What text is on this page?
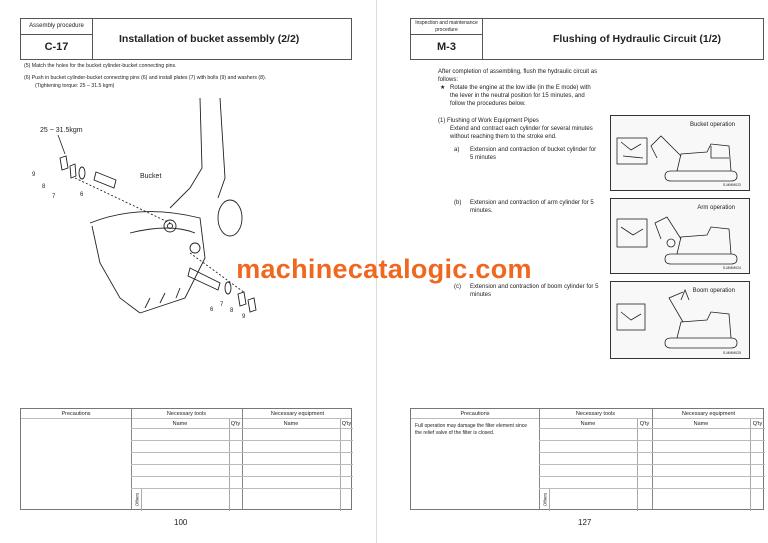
Assembly procedure
C-17
Installation of bucket assembly (2/2)
(5) Match the holes for the bucket cylinder-bucket connecting pins.
(6) Push in bucket cylinder-bucket connecting pins (6) and install plates (7) with bolts (9) and washers (8).
(Tightening torque: 25 – 31.5 kgm)
25 ~ 31.5kgm
Bucket
9
8
7	6
6
7
8
9
Precautions	Necessary tools	Necessary equipment
Name	Q'ty	Name	Q'ty
Others
100
Inspection and maintenance procedure
M-3
Flushing of Hydraulic Circuit (1/2)
After completion of assembling, flush the hydraulic circuit as follows:
★ Rotate the engine at the low idle (in the E mode) with the lever in the neutral position for 15 minutes, and follow the procedures below.
(1) Flushing of Work Equipment Pipes
Extend and contract each cylinder for several minutes without reaching them to the stroke end.
a) Extension and contraction of bucket cylinder for 5 minutes
(b) Extension and contraction of arm cylinder for 5 minutes.
(c) Extension and contraction of boom cylinder for 5 minutes
Bucket operation
S-MMM023
Arm operation
S-MMM024
Boom operation
S-MMM025
Precautions	Necessary tools	Necessary equipment
Name	Q'ty	Name	Q'ty
Others
Full operation may damage the filter element since the relief valve of the filter is closed.
127
machinecatalogic.com
